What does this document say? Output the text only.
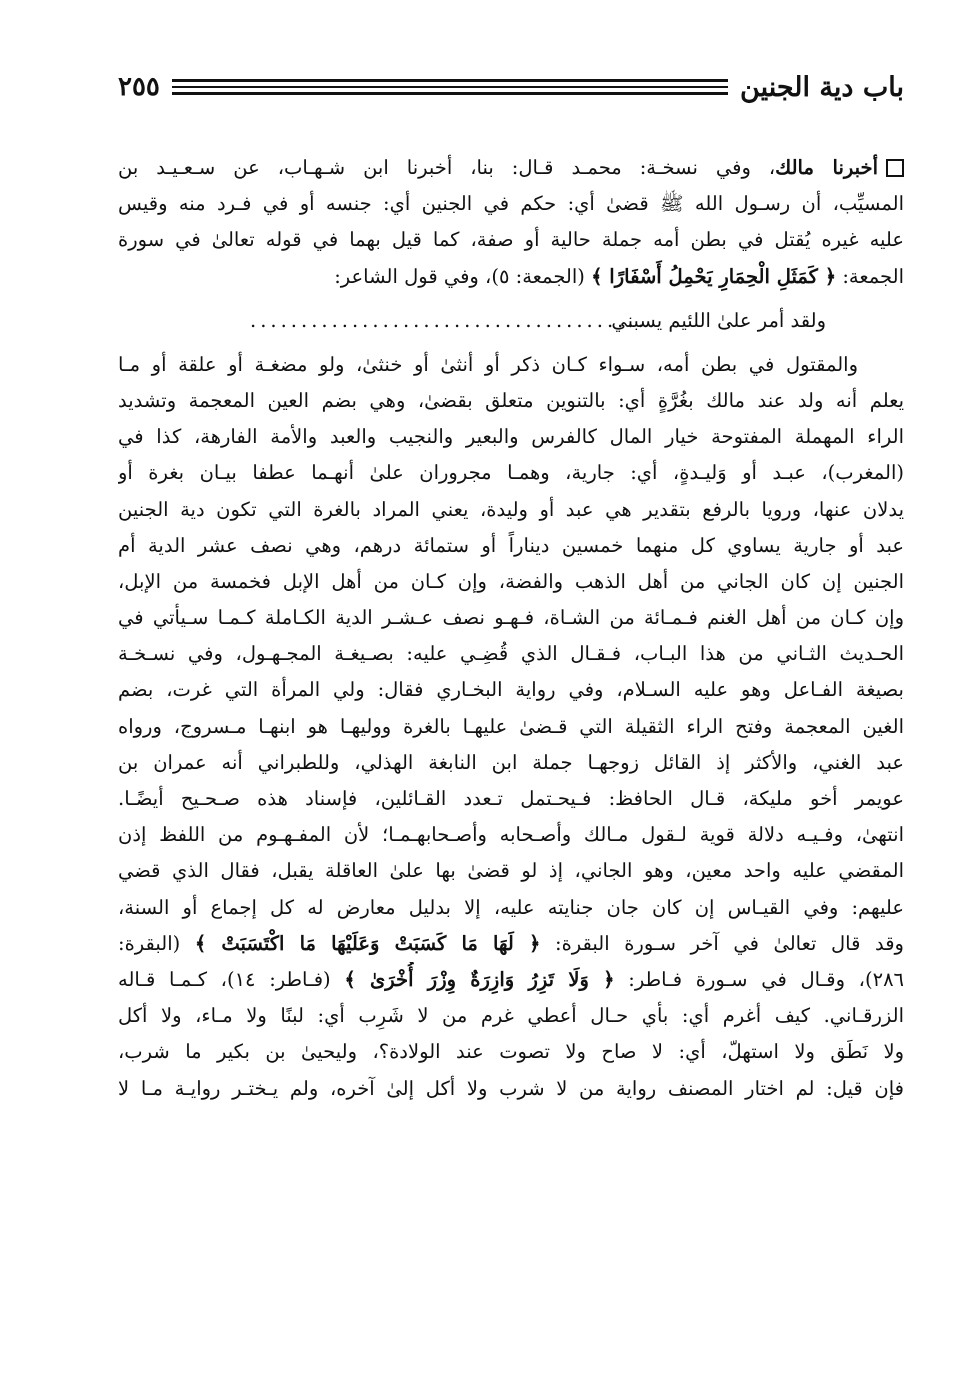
باب دية الجنين
٢٥٥
أخبرنا مالك، وفي نسخـة: محمـد قـال: بنا، أخبرنا ابن شـهـاب، عن سـعـيـد بن
المسيِّب، أن رسـول الله ﷺ قضىٰ أي: حكم في الجنين أي: جنسه أو في فـرد منه وقيس
عليه غيره يُقتل في بطن أمه جملة حالية أو صفة، كما قيل بهما في قوله تعالىٰ في سورة
الجمعة: ﴿ كَمَثَلِ الْحِمَارِ يَحْمِلُ أَسْفَارًا ﴾ (الجمعة: ٥)، وفي قول الشاعر:
ولقد أمر علىٰ اللئيم يسبني
.......................................
والمقتول في بطن أمه، سـواء كـان ذكر أو أنثىٰ أو خنثىٰ، ولو مضغـة أو علقة أو مـا
يعلم أنه ولد عند مالك بغُرَّةٍ أي: بالتنوين متعلق بقضىٰ، وهي بضم العين المعجمة وتشديد
الراء المهملة المفتوحة خيار المال كالفرس والبعير والنجيب والعبد والأمة الفارهة، كذا في
(المغرب)، عبـد أو وَليـدةٍ، أي: جارية، وهمـا مجروران علىٰ أنهـما عطفا بيـان بغرة أو
يدلان عنها، ورويا بالرفع بتقدير هي عبد أو وليدة، يعني المراد بالغرة التي تكون دية الجنين
عبد أو جارية يساوي كل منهما خمسين ديناراً أو ستمائة درهم، وهي نصف عشر الدية أم
الجنين إن كان الجاني من أهل الذهب والفضة، وإن كـان من أهل الإبل فخمسة من الإبل،
وإن كـان من أهل الغنم فـمـائة من الشـاة، فـهـو نصف عـشـر الدية الكـاملة كـمـا سـيأتي في
الحـديث الثـاني من هذا البـاب، فـقـال الذي قُضِـي عليه: بصـيغـة المجـهـول، وفي نسـخـة
بصيغة الفـاعل وهو عليه السـلام، وفي رواية البخـاري فقال: ولي المرأة التي غرت، بضم
الغين المعجمة وفتح الراء الثقيلة التي قـضىٰ عليهـا بالغرة ووليهـا هو ابنهـا مـسروج، ورواه
عبد الغني، والأكثر إذ القائل زوجهـا جملة ابن النابغة الهذلي، وللطبراني أنه عمران بن
عويمر أخو مليكة، قـال الحافظ: فـيحـتمل تـعدد القـائلين، فإسناد هذه صـحـيح أيضًـا.
انتهىٰ، وفـيـه دلالة قوية لـقول مـالك وأصـحابه وأصـحابهـمـا؛ لأن المفـهـوم من اللفظ إذن
المقضي عليه واحد معين، وهو الجاني، إذ لو قضىٰ بها علىٰ العاقلة يقبل، فقال الذي قضي
عليهم: وفي القيـاس إن كان جان جنايته عليه، إلا بدليل معارض له كل إجماع أو السنة،
وقد قال تعالىٰ في آخر سـورة البقرة: ﴿ لَهَا مَا كَسَبَتْ وَعَلَيْهَا مَا اكْتَسَبَتْ ﴾ (البقرة:
٢٨٦)، وقـال في سـورة فـاطر: ﴿ وَلَا تَزِرُ وَازِرَةٌ وِزْرَ أُخْرَىٰ ﴾ (فـاطر: ١٤)، كـمـا قـاله
الزرقـاني. كيف أغرم أي: بأي حـال أعطي غرم من لا شَرِب أي: لبنًا ولا مـاء، ولا أكل
ولا نَطَق ولا استهلّ، أي: لا صاح ولا تصوت عند الولادة؟، وليحيىٰ بن بكير ما شرب،
فإن قيل: لم اختار المصنف رواية من لا شرب ولا أكل إلىٰ آخره، ولم يـختـر روايـة مـا لا
